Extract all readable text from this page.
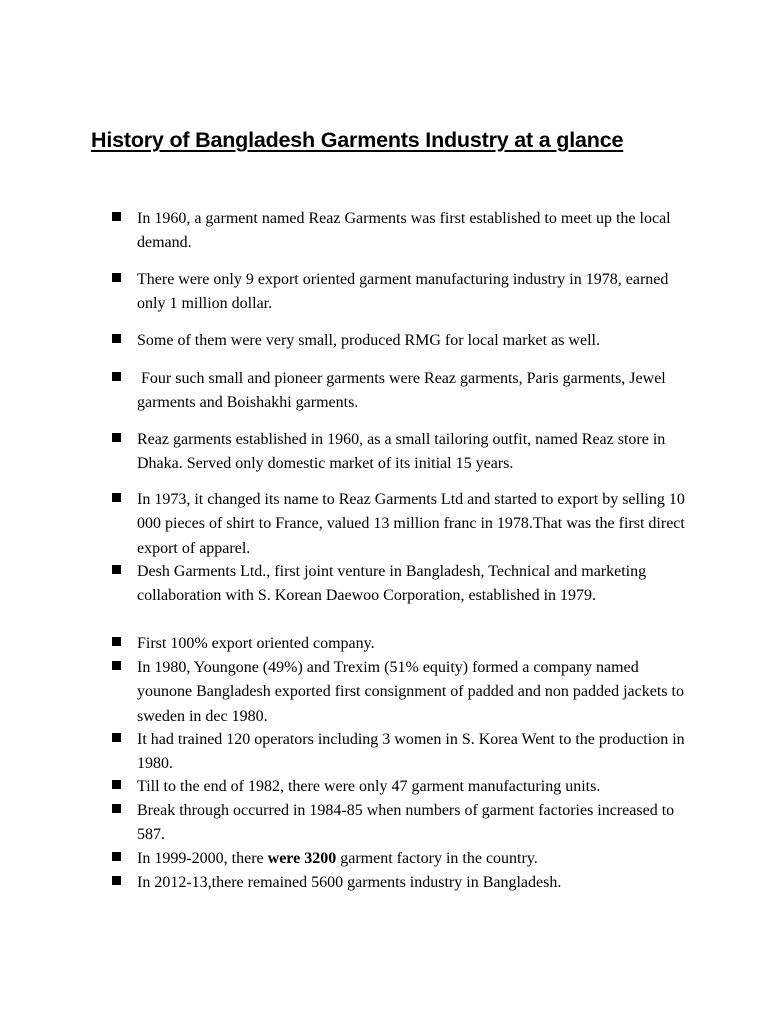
History of Bangladesh Garments Industry at a glance
In 1960, a garment named Reaz Garments was first established to meet up the local demand.
There were only 9 export oriented garment manufacturing industry in 1978, earned only 1 million dollar.
Some of them were very small, produced RMG for local market as well.
Four such small and pioneer garments were Reaz garments, Paris garments, Jewel garments and Boishakhi garments.
Reaz garments established in 1960, as a small tailoring outfit, named Reaz store in Dhaka. Served only domestic market of its initial 15 years.
In 1973, it changed its name to Reaz Garments Ltd and started to export by selling 10 000 pieces of shirt to France, valued 13 million franc in 1978.That was the first direct export of apparel.
Desh Garments Ltd., first joint venture in Bangladesh, Technical and marketing collaboration with S. Korean Daewoo Corporation, established in 1979.
First 100% export oriented company.
In 1980, Youngone (49%) and Trexim (51% equity) formed a company named younone Bangladesh exported first consignment of padded and non padded jackets to sweden in dec 1980.
It had trained 120 operators including 3 women in S. Korea Went to the production in 1980.
Till to the end of 1982, there were only 47 garment manufacturing units.
Break through occurred in 1984-85 when numbers of garment factories increased to 587.
In 1999-2000, there were 3200 garment factory in the country.
In 2012-13,there remained 5600 garments industry in Bangladesh.
